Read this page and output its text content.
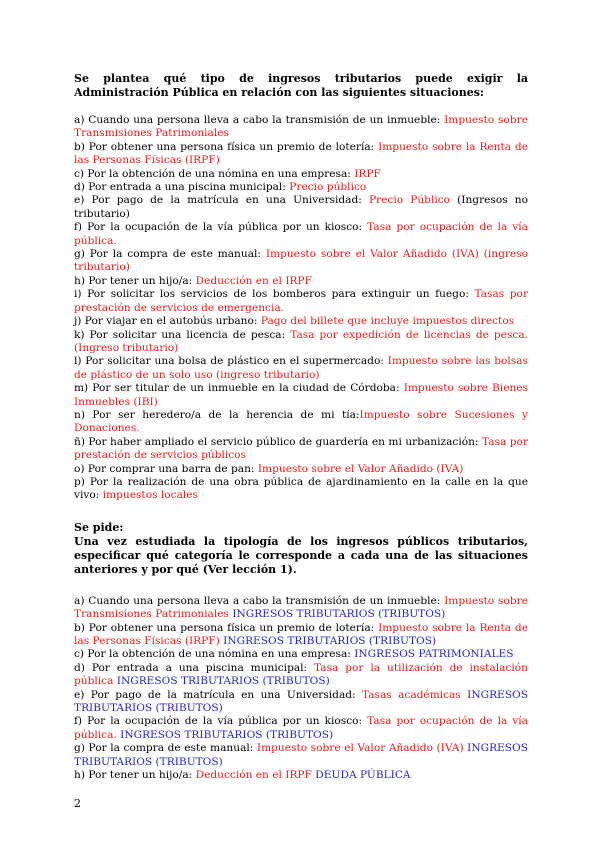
Se plantea qué tipo de ingresos tributarios puede exigir la Administración Pública en relación con las siguientes situaciones:

a) Cuando una persona lleva a cabo la transmisión de un inmueble: Impuesto sobre Transmisiones Patrimoniales

b) Por obtener una persona física un premio de lotería: Impuesto sobre la Renta de las Personas Físicas (IRPF)

c) Por la obtención de una nómina en una empresa: IRPF

d) Por entrada a una piscina municipal: Precio público

e) Por pago de la matrícula en una Universidad: Precio Público (Ingresos no tributario)

f) Por la ocupación de la vía pública por un kiosco: Tasa por ocupación de la vía pública.

g) Por la compra de este manual: Impuesto sobre el Valor Añadido (IVA) (ingreso tributario)

h) Por tener un hijo/a: Deducción en el IRPF

i) Por solicitar los servicios de los bomberos para extinguir un fuego: Tasas por prestación de servicios de emergencia.

j) Por viajar en el autobús urbano: Pago del billete que incluye impuestos directos

k) Por solicitar una licencia de pesca: Tasa por expedición de licencias de pesca. (Ingreso tributario)

l) Por solicitar una bolsa de plástico en el supermercado: Impuesto sobre las bolsas de plástico de un solo uso (ingreso tributario)

m) Por ser titular de un inmueble en la ciudad de Córdoba: Impuesto sobre Bienes Inmuebles (IBI)

n) Por ser heredero/a de la herencia de mi tía:Impuesto sobre Sucesiones y Donaciones.

ñ) Por haber ampliado el servicio público de guardería en mi urbanización: Tasa por prestación de servicios públicos

o) Por comprar una barra de pan: Impuesto sobre el Valor Añadido (IVA)

p) Por la realización de una obra pública de ajardinamiento en la calle en la que vivo: impuestos locales

Se pide:

Una vez estudiada la tipología de los ingresos públicos tributarios, especificar qué categoría le corresponde a cada una de las situaciones anteriores y por qué (Ver lección 1).

a) Cuando una persona lleva a cabo la transmisión de un inmueble: Impuesto sobre Transmisiones Patrimoniales INGRESOS TRIBUTARIOS (TRIBUTOS)

b) Por obtener una persona física un premio de lotería: Impuesto sobre la Renta de las Personas Físicas (IRPF) INGRESOS TRIBUTARIOS (TRIBUTOS)

c) Por la obtención de una nómina en una empresa: INGRESOS PATRIMONIALES

d) Por entrada a una piscina municipal: Tasa por la utilización de instalación pública INGRESOS TRIBUTARIOS (TRIBUTOS)

e) Por pago de la matrícula en una Universidad: Tasas académicas INGRESOS TRIBUTARIOS (TRIBUTOS)

f) Por la ocupación de la vía pública por un kiosco: Tasa por ocupación de la vía pública. INGRESOS TRIBUTARIOS (TRIBUTOS)

g) Por la compra de este manual: Impuesto sobre el Valor Añadido (IVA) INGRESOS TRIBUTARIOS (TRIBUTOS)

h) Por tener un hijo/a: Deducción en el IRPF DEUDA PÚBLICA

2
